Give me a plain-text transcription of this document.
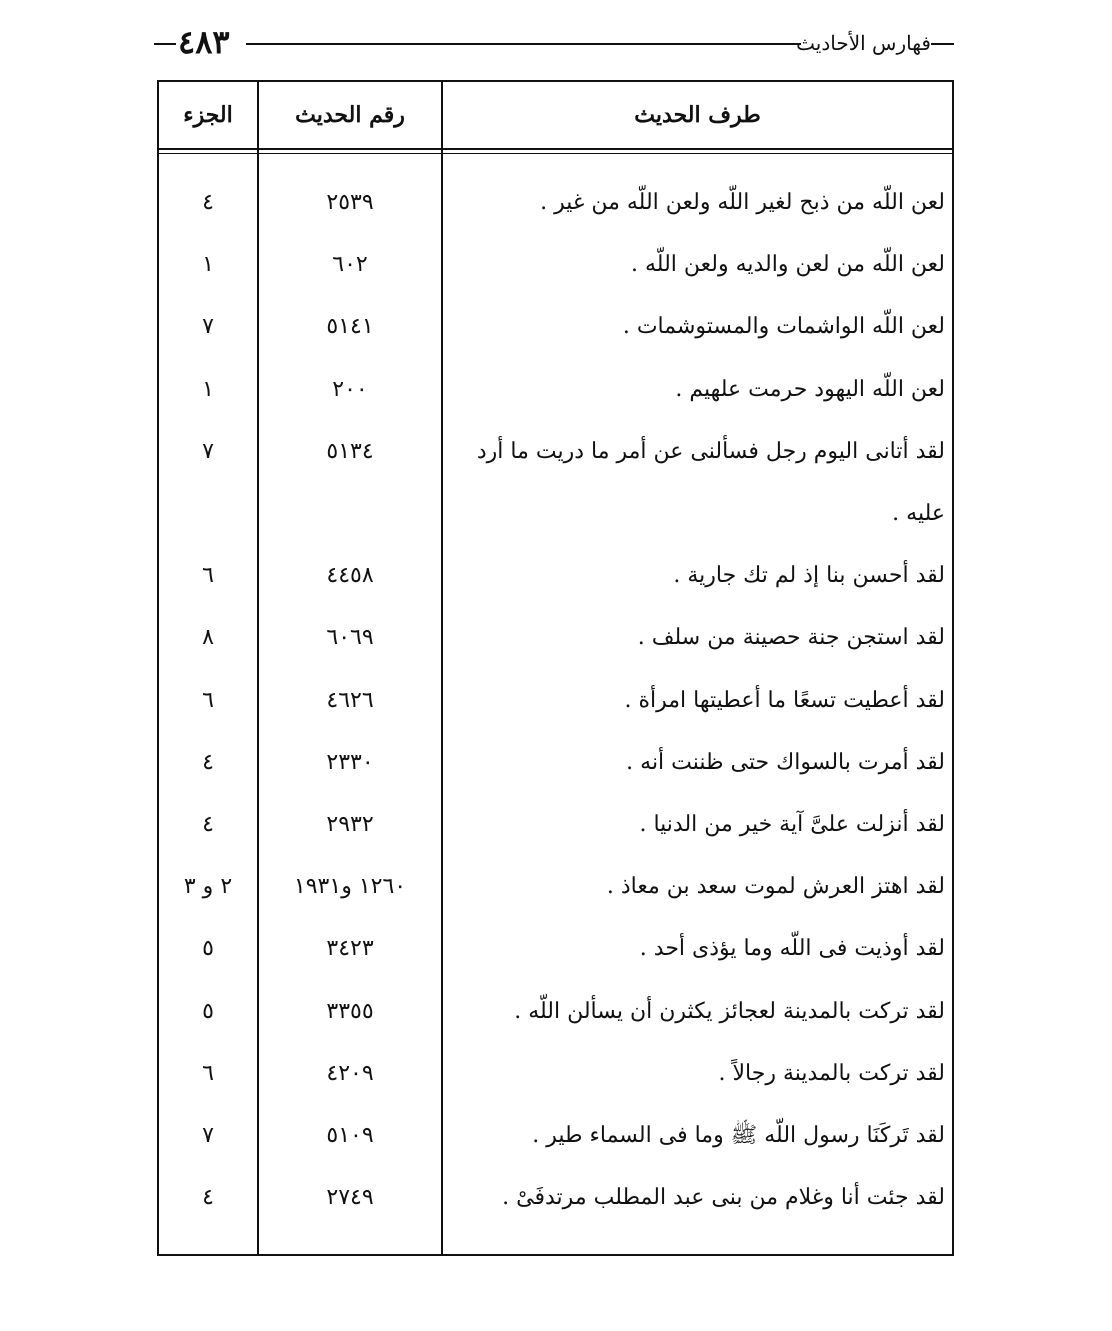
٤٨٣	فهارس الأحاديث
الجزء	رقم الحديث	طرف الحديث
٤	٢٥٣٩	لعن اللّه من ذبح لغير اللّه ولعن اللّه من غير .
١	٦٠٢	لعن اللّه من لعن والديه ولعن اللّه .
٧	٥١٤١	لعن اللّه الواشمات والمستوشمات .
١	٢٠٠	لعن اللّه اليهود حرمت علهيم .
٧	٥١٣٤	لقد أتانى اليوم رجل فسألنى عن أمر ما دريت ما أرد
عليه .
٦	٤٤٥٨	لقد أحسن بنا إذ لم تك جارية .
٨	٦٠٦٩	لقد استجن جنة حصينة من سلف .
٦	٤٦٢٦	لقد أعطيت تسعًا ما أعطيتها امرأة .
٤	٢٣٣٠	لقد أمرت بالسواك حتى ظننت أنه .
٤	٢٩٣٢	لقد أنزلت علىَّ آية خير من الدنيا .
٢ و ٣	١٢٦٠ و١٩٣١	لقد اهتز العرش لموت سعد بن معاذ .
٥	٣٤٢٣	لقد أوذيت فى اللّه وما يؤذى أحد .
٥	٣٣٥٥	لقد تركت بالمدينة لعجائز يكثرن أن يسألن اللّه .
٦	٤٢٠٩	لقد تركت بالمدينة رجالاً .
٧	٥١٠٩	لقد تَركَنَا رسول اللّه ﷺ وما فى السماء طير .
٤	٢٧٤٩	لقد جئت أنا وغلام من بنى عبد المطلب مرتدفَىْ .
